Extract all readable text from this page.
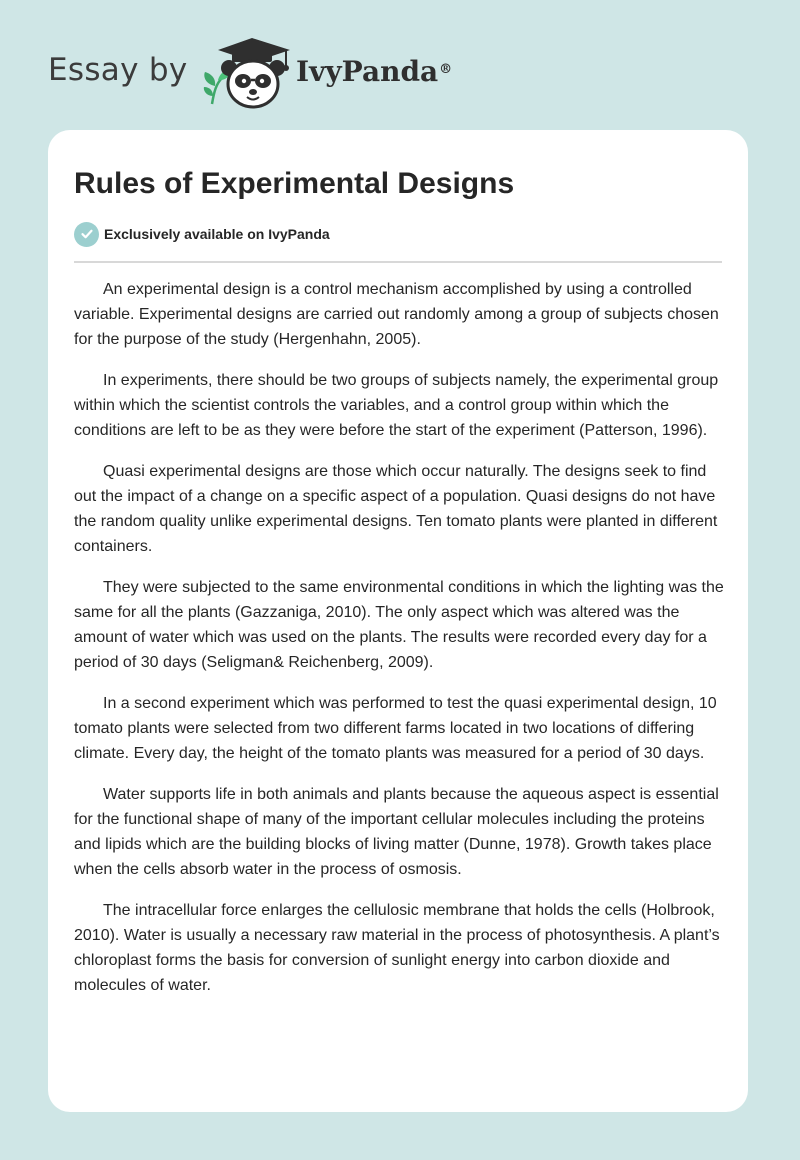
Essay by	IvyPanda®
Rules of Experimental Designs
Exclusively available on IvyPanda

An experimental design is a control mechanism accomplished by using a controlled variable. Experimental designs are carried out randomly among a group of subjects chosen for the purpose of the study (Hergenhahn, 2005).

In experiments, there should be two groups of subjects namely, the experimental group within which the scientist controls the variables, and a control group within which the conditions are left to be as they were before the start of the experiment (Patterson, 1996).

Quasi experimental designs are those which occur naturally. The designs seek to find out the impact of a change on a specific aspect of a population. Quasi designs do not have the random quality unlike experimental designs. Ten tomato plants were planted in different containers.

They were subjected to the same environmental conditions in which the lighting was the same for all the plants (Gazzaniga, 2010). The only aspect which was altered was the amount of water which was used on the plants. The results were recorded every day for a period of 30 days (Seligman& Reichenberg, 2009).

In a second experiment which was performed to test the quasi experimental design, 10 tomato plants were selected from two different farms located in two locations of differing climate. Every day, the height of the tomato plants was measured for a period of 30 days.

Water supports life in both animals and plants because the aqueous aspect is essential for the functional shape of many of the important cellular molecules including the proteins and lipids which are the building blocks of living matter (Dunne, 1978). Growth takes place when the cells absorb water in the process of osmosis.

The intracellular force enlarges the cellulosic membrane that holds the cells (Holbrook, 2010). Water is usually a necessary raw material in the process of photosynthesis. A plant’s chloroplast forms the basis for conversion of sunlight energy into carbon dioxide and molecules of water.
